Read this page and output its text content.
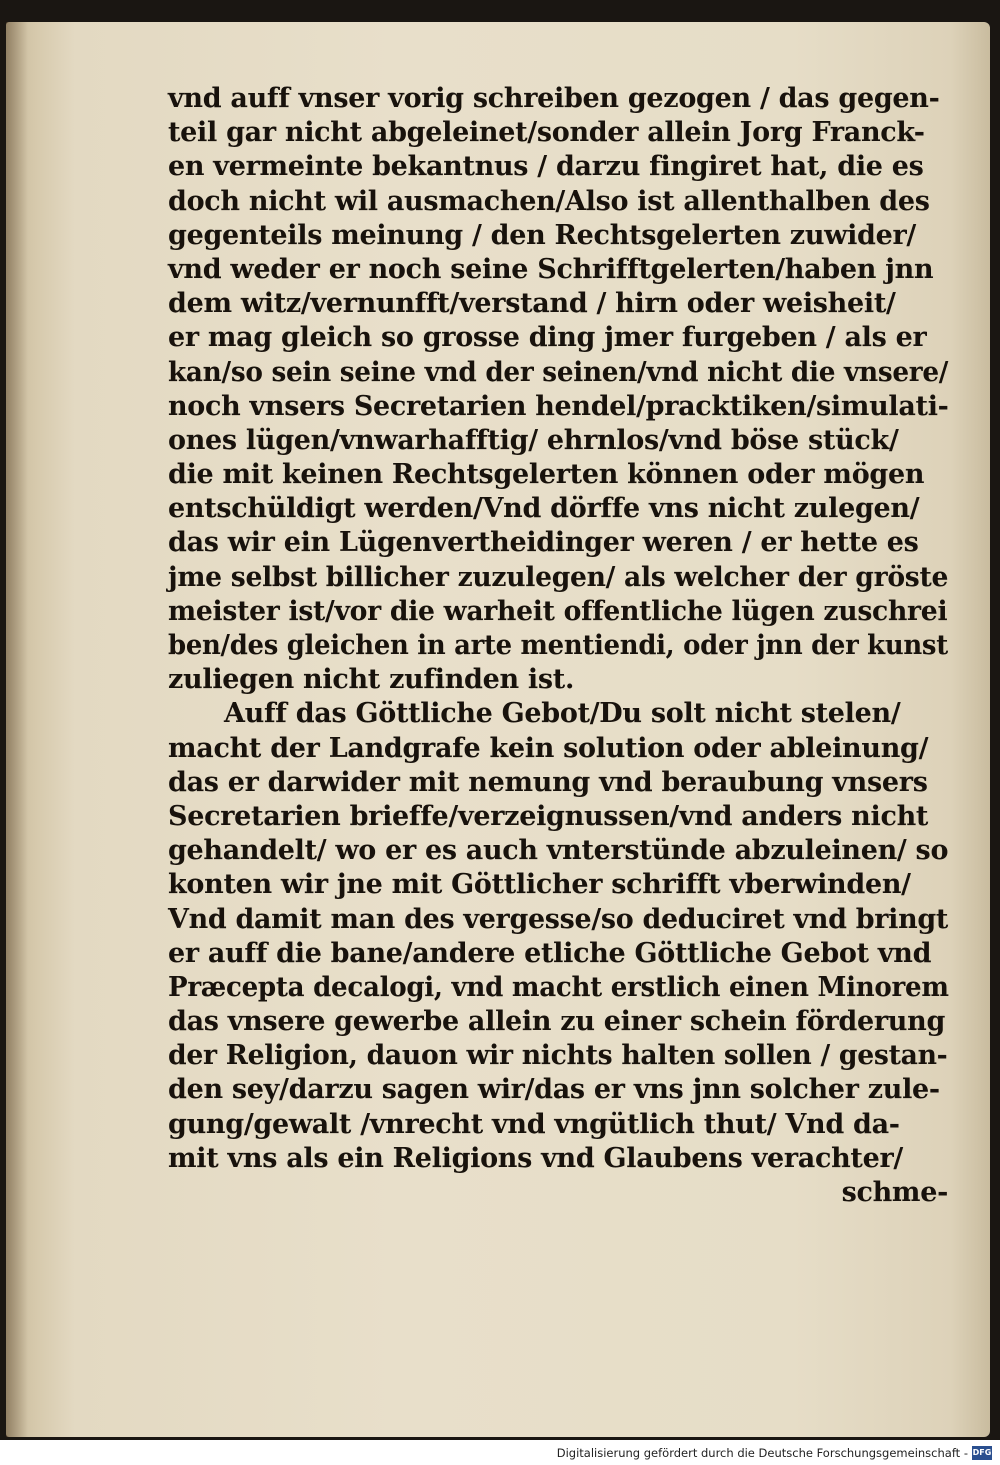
vnd auff vnser vorig schreiben gezogen / das gegen-
teil gar nicht abgeleinet/sonder allein Jorg Franck-
en vermeinte bekantnus / darzu fingiret hat, die es
doch nicht wil ausmachen/Also ist allenthalben des
gegenteils meinung / den Rechtsgelerten zuwider/
vnd weder er noch seine Schrifftgelerten/haben jnn
dem witz/vernunfft/verstand / hirn oder weisheit/
er mag gleich so grosse ding jmer furgeben / als er
kan/so sein seine vnd der seinen/vnd nicht die vnsere/
noch vnsers Secretarien hendel/pracktiken/simulati-
ones lügen/vnwarhafftig/ ehrnlos/vnd böse stück/
die mit keinen Rechtsgelerten können oder mögen
entschüldigt werden/Vnd dörffe vns nicht zulegen/
das wir ein Lügenvertheidinger weren / er hette es
jme selbst billicher zuzulegen/ als welcher der gröste
meister ist/vor die warheit offentliche lügen zuschrei
ben/des gleichen in arte mentiendi, oder jnn der kunst
zuliegen nicht zufinden ist.
Auff das Göttliche Gebot/Du solt nicht stelen/
macht der Landgrafe kein solution oder ableinung/
das er darwider mit nemung vnd beraubung vnsers
Secretarien brieffe/verzeignussen/vnd anders nicht
gehandelt/ wo er es auch vnterstünde abzuleinen/ so
konten wir jne mit Göttlicher schrifft vberwinden/
Vnd damit man des vergesse/so deduciret vnd bringt
er auff die bane/andere etliche Göttliche Gebot vnd
Præcepta decalogi, vnd macht erstlich einen Minorem
das vnsere gewerbe allein zu einer schein förderung
der Religion, dauon wir nichts halten sollen / gestan-
den sey/darzu sagen wir/das er vns jnn solcher zule-
gung/gewalt /vnrecht vnd vngütlich thut/ Vnd da-
mit vns als ein Religions vnd Glaubens verachter/
schme-
Digitalisierung gefördert durch die Deutsche Forschungsgemeinschaft - DFG
